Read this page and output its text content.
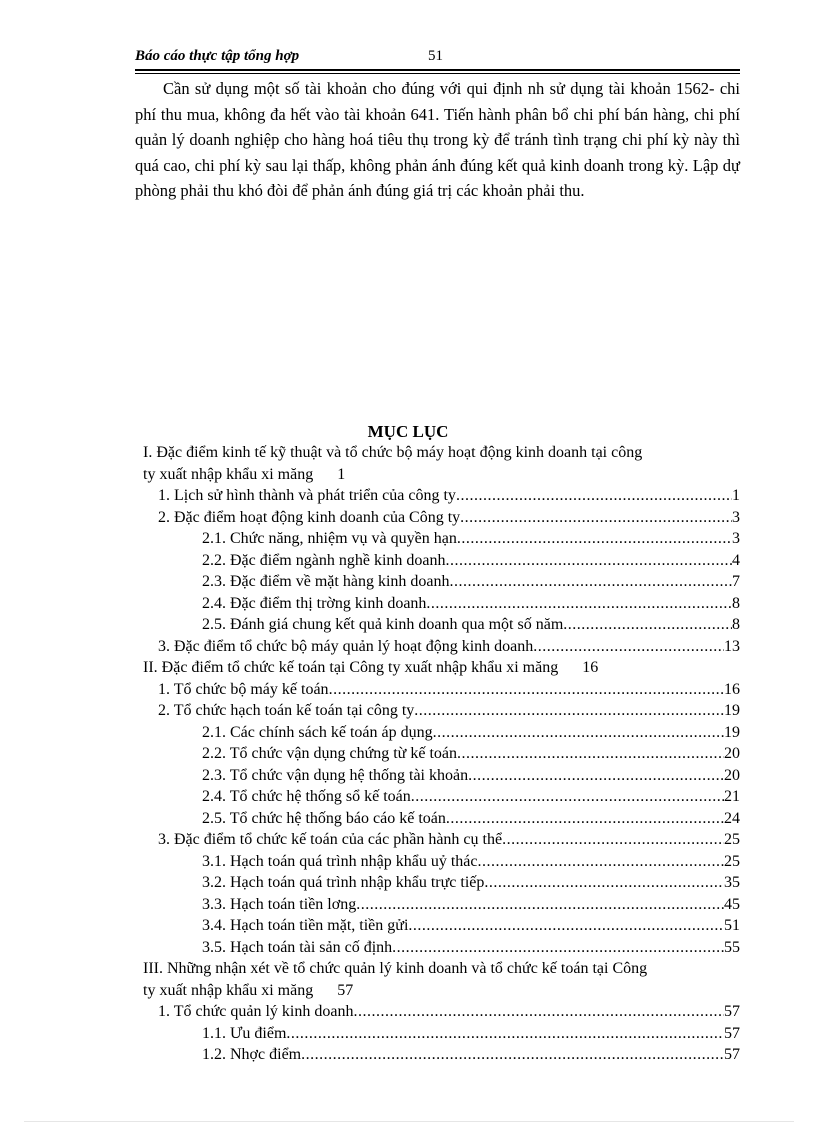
Báo cáo thực tập tổng hợp	51

Cần sử dụng một số tài khoản cho đúng với qui định nh sử dụng tài khoản 1562- chi phí thu mua, không đa hết vào tài khoản 641. Tiến hành phân bổ chi phí bán hàng, chi phí quản lý doanh nghiệp cho hàng hoá tiêu thụ trong kỳ để tránh tình trạng chi phí kỳ này thì quá cao, chi phí kỳ sau lại thấp, không phản ánh đúng kết quả kinh doanh trong kỳ. Lập dự phòng phải thu khó đòi để phản ánh đúng giá trị các khoản phải thu.

MỤC LỤC
I. Đặc điểm kinh tế kỹ thuật và tổ chức bộ máy hoạt động kinh doanh tại công
ty xuất nhập khẩu xi măng 1
1. Lịch sử hình thành và phát triển của công ty .....	1
2. Đặc điểm hoạt động kinh doanh của Công ty .....	3
2.1. Chức năng, nhiệm vụ và quyền hạn .....	3
2.2. Đặc điểm ngành nghề kinh doanh .....	4
2.3. Đặc điểm về mặt hàng kinh doanh .....	7
2.4. Đặc điểm thị trờng kinh doanh .....	8
2.5. Đánh giá chung kết quả kinh doanh qua một số năm .....	8
3. Đặc điểm tổ chức bộ máy quản lý hoạt động kinh doanh .....	13
II. Đặc điểm tổ chức kế toán tại Công ty xuất nhập khẩu xi măng 16
1. Tổ chức bộ máy kế toán .....	16
2. Tổ chức hạch toán kế toán tại công ty .....	19
2.1. Các chính sách kế toán áp dụng .....	19
2.2. Tổ chức vận dụng chứng từ kế toán .....	20
2.3. Tổ chức vận dụng hệ thống tài khoản .....	20
2.4. Tổ chức hệ thống sổ kế toán .....	21
2.5. Tổ chức hệ thống báo cáo kế toán .....	24
3. Đặc điểm tổ chức kế toán của các phần hành cụ thể .....	25
3.1. Hạch toán quá trình nhập khẩu uỷ thác .....	25
3.2. Hạch toán quá trình nhập khẩu trực tiếp .....	35
3.3. Hạch toán tiền lơng .....	45
3.4. Hạch toán tiền mặt, tiền gửi .....	51
3.5. Hạch toán tài sản cố định .....	55
III. Những nhận xét về tổ chức quản lý kinh doanh và tổ chức kế toán tại Công
ty xuất nhập khẩu xi măng 57
1. Tổ chức quản lý kinh doanh .....	57
1.1. Ưu điểm .....	57
1.2. Nhợc điểm .....	57
